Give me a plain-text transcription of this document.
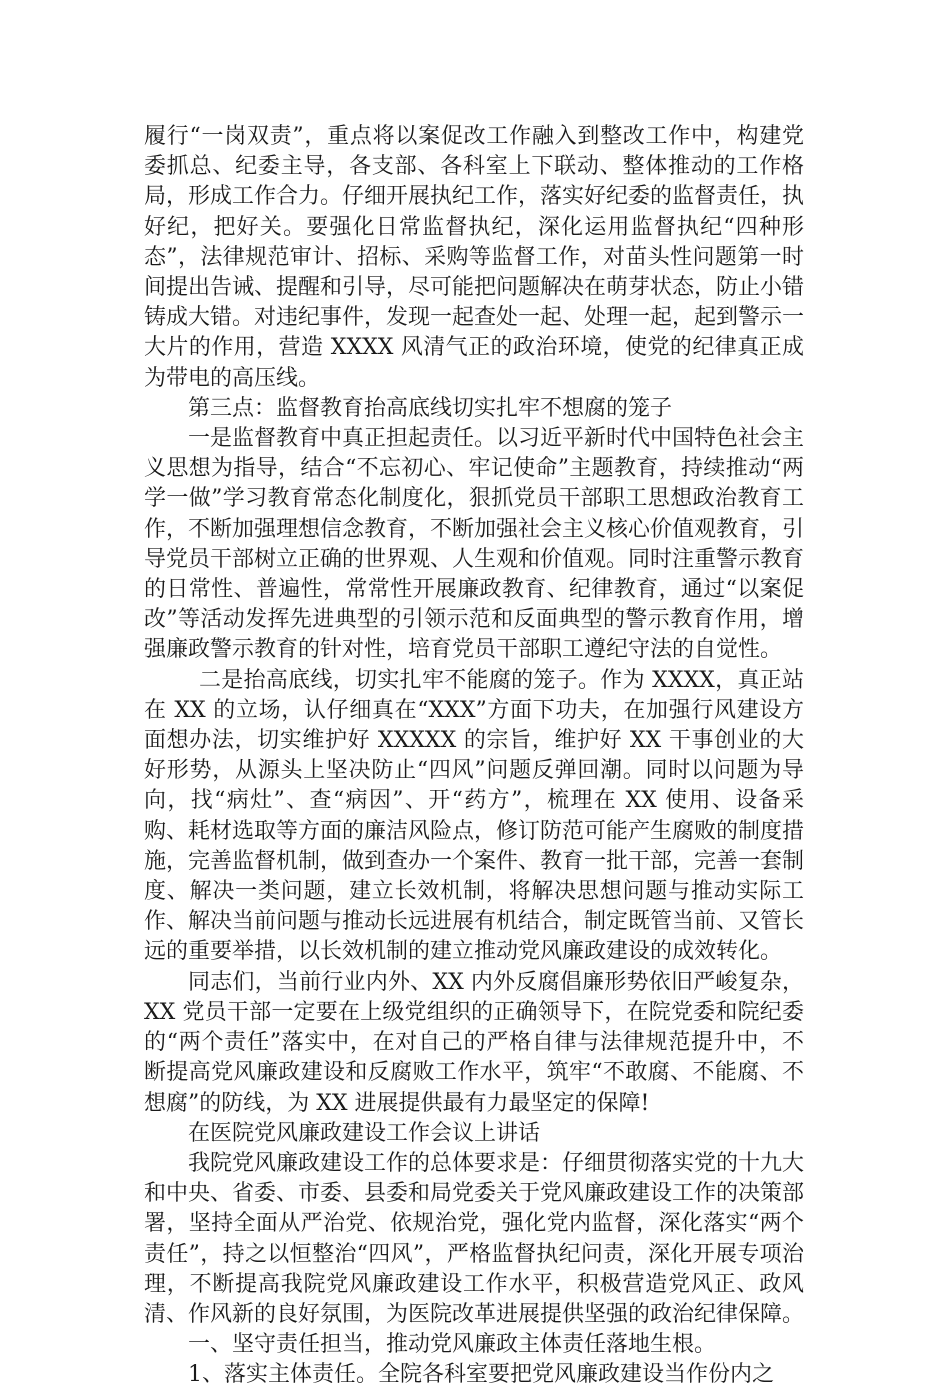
履行“一岗双责”，重点将以案促改工作融入到整改工作中，构建党委抓总、纪委主导，各支部、各科室上下联动、整体推动的工作格局，形成工作合力。仔细开展执纪工作，落实好纪委的监督责任，执好纪，把好关。要强化日常监督执纪，深化运用监督执纪“四种形态”，法律规范审计、招标、采购等监督工作，对苗头性问题第一时间提出告诫、提醒和引导，尽可能把问题解决在萌芽状态，防止小错铸成大错。对违纪事件，发现一起查处一起、处理一起，起到警示一大片的作用，营造 XXXX 风清气正的政治环境，使党的纪律真正成为带电的高压线。

第三点：监督教育抬高底线切实扎牢不想腐的笼子

一是监督教育中真正担起责任。以习近平新时代中国特色社会主义思想为指导，结合“不忘初心、牢记使命”主题教育，持续推动“两学一做”学习教育常态化制度化，狠抓党员干部职工思想政治教育工作，不断加强理想信念教育，不断加强社会主义核心价值观教育，引导党员干部树立正确的世界观、人生观和价值观。同时注重警示教育的日常性、普遍性，常常性开展廉政教育、纪律教育，通过“以案促改”等活动发挥先进典型的引领示范和反面典型的警示教育作用，增强廉政警示教育的针对性，培育党员干部职工遵纪守法的自觉性。

二是抬高底线，切实扎牢不能腐的笼子。作为 XXXX，真正站在 XX 的立场，认仔细真在“XXX”方面下功夫，在加强行风建设方面想办法，切实维护好 XXXXX 的宗旨，维护好 XX 干事创业的大好形势，从源头上坚决防止“四风”问题反弹回潮。同时以问题为导向，找“病灶”、查“病因”、开“药方”，梳理在 XX 使用、设备采购、耗材选取等方面的廉洁风险点，修订防范可能产生腐败的制度措施，完善监督机制，做到查办一个案件、教育一批干部，完善一套制度、解决一类问题，建立长效机制，将解决思想问题与推动实际工作、解决当前问题与推动长远进展有机结合，制定既管当前、又管长远的重要举措，以长效机制的建立推动党风廉政建设的成效转化。

同志们，当前行业内外、XX 内外反腐倡廉形势依旧严峻复杂，XX 党员干部一定要在上级党组织的正确领导下，在院党委和院纪委的“两个责任”落实中，在对自己的严格自律与法律规范提升中，不断提高党风廉政建设和反腐败工作水平，筑牢“不敢腐、不能腐、不想腐”的防线，为 XX 进展提供最有力最坚定的保障!

在医院党风廉政建设工作会议上讲话

我院党风廉政建设工作的总体要求是：仔细贯彻落实党的十九大和中央、省委、市委、县委和局党委关于党风廉政建设工作的决策部署，坚持全面从严治党、依规治党，强化党内监督，深化落实“两个责任”，持之以恒整治“四风”，严格监督执纪问责，深化开展专项治理，不断提高我院党风廉政建设工作水平，积极营造党风正、政风清、作风新的良好氛围，为医院改革进展提供坚强的政治纪律保障。

一、坚守责任担当，推动党风廉政主体责任落地生根。

1、落实主体责任。全院各科室要把党风廉政建设当作份内之
